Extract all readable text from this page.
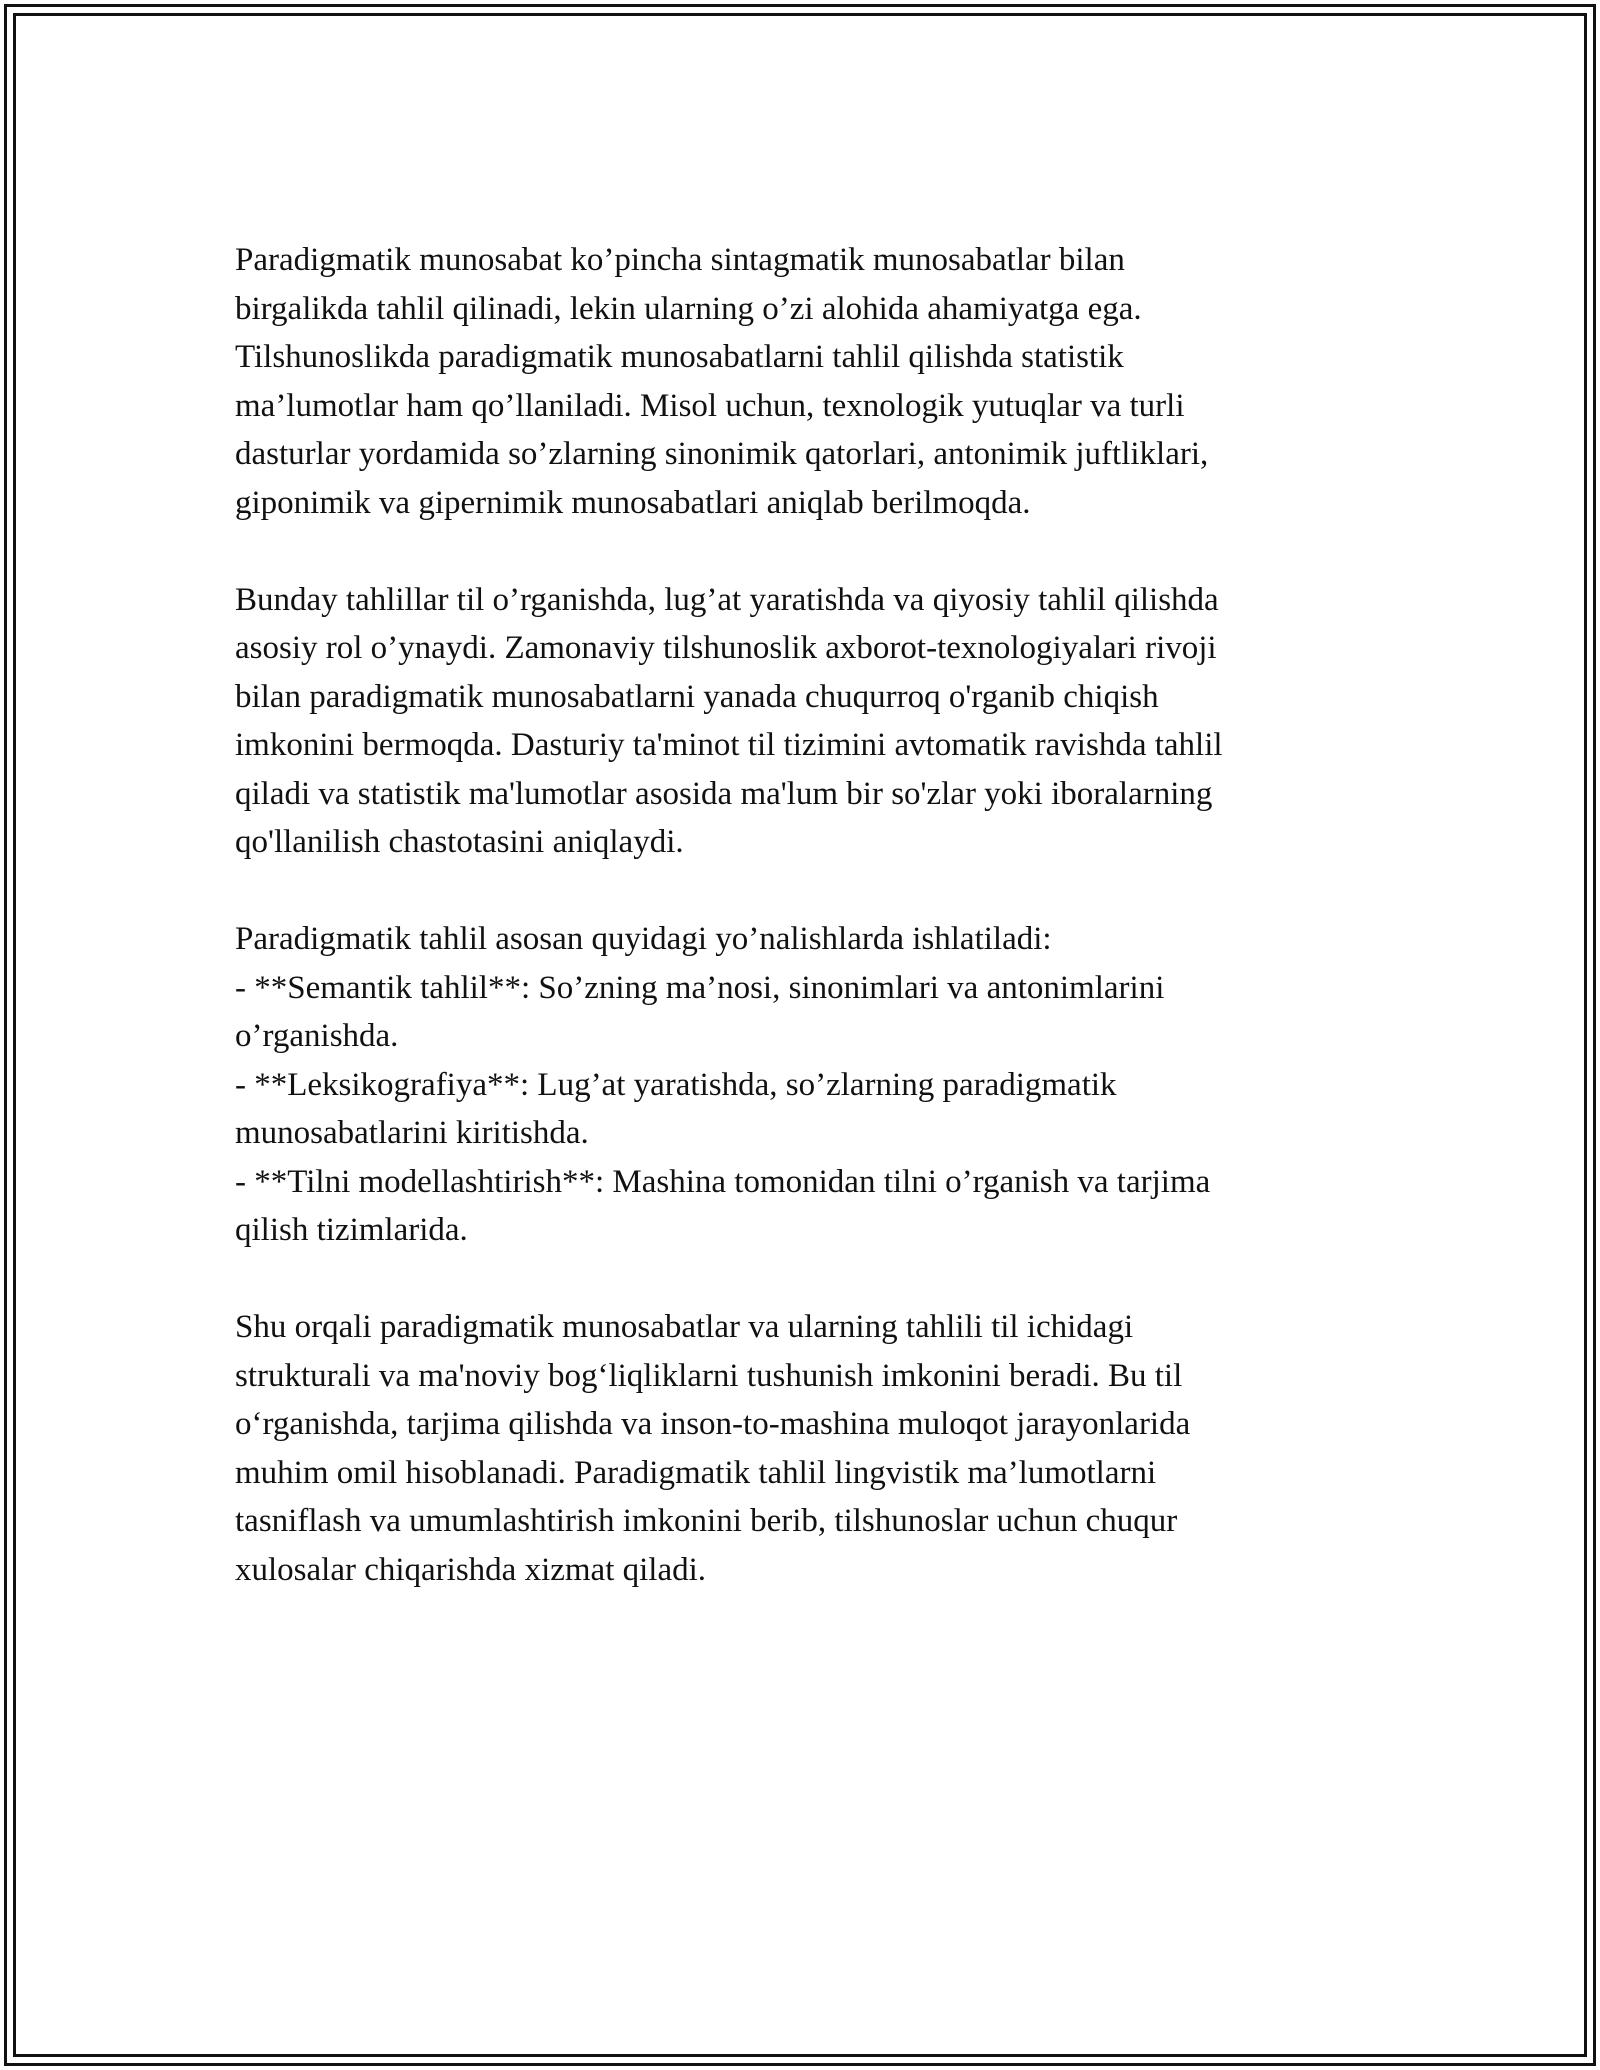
Paradigmatik munosabat ko’pincha sintagmatik munosabatlar bilan
birgalikda tahlil qilinadi, lekin ularning o’zi alohida ahamiyatga ega.
Tilshunoslikda paradigmatik munosabatlarni tahlil qilishda statistik
ma’lumotlar ham qo’llaniladi. Misol uchun, texnologik yutuqlar va turli
dasturlar yordamida so’zlarning sinonimik qatorlari, antonimik juftliklari,
giponimik va gipernimik munosabatlari aniqlab berilmoqda.

Bunday tahlillar til o’rganishda, lug’at yaratishda va qiyosiy tahlil qilishda
asosiy rol o’ynaydi. Zamonaviy tilshunoslik axborot-texnologiyalari rivoji
bilan paradigmatik munosabatlarni yanada chuqurroq o'rganib chiqish
imkonini bermoqda. Dasturiy ta'minot til tizimini avtomatik ravishda tahlil
qiladi va statistik ma'lumotlar asosida ma'lum bir so'zlar yoki iboralarning
qo'llanilish chastotasini aniqlaydi.

Paradigmatik tahlil asosan quyidagi yo’nalishlarda ishlatiladi:
- **Semantik tahlil**: So’zning ma’nosi, sinonimlari va antonimlarini
o’rganishda.
- **Leksikografiya**: Lug’at yaratishda, so’zlarning paradigmatik
munosabatlarini kiritishda.
- **Tilni modellashtirish**: Mashina tomonidan tilni o’rganish va tarjima
qilish tizimlarida.

Shu orqali paradigmatik munosabatlar va ularning tahlili til ichidagi
strukturali va ma'noviy bog‘liqliklarni tushunish imkonini beradi. Bu til
o‘rganishda, tarjima qilishda va inson-to-mashina muloqot jarayonlarida
muhim omil hisoblanadi. Paradigmatik tahlil lingvistik ma’lumotlarni
tasniflash va umumlashtirish imkonini berib, tilshunoslar uchun chuqur
xulosalar chiqarishda xizmat qiladi.
